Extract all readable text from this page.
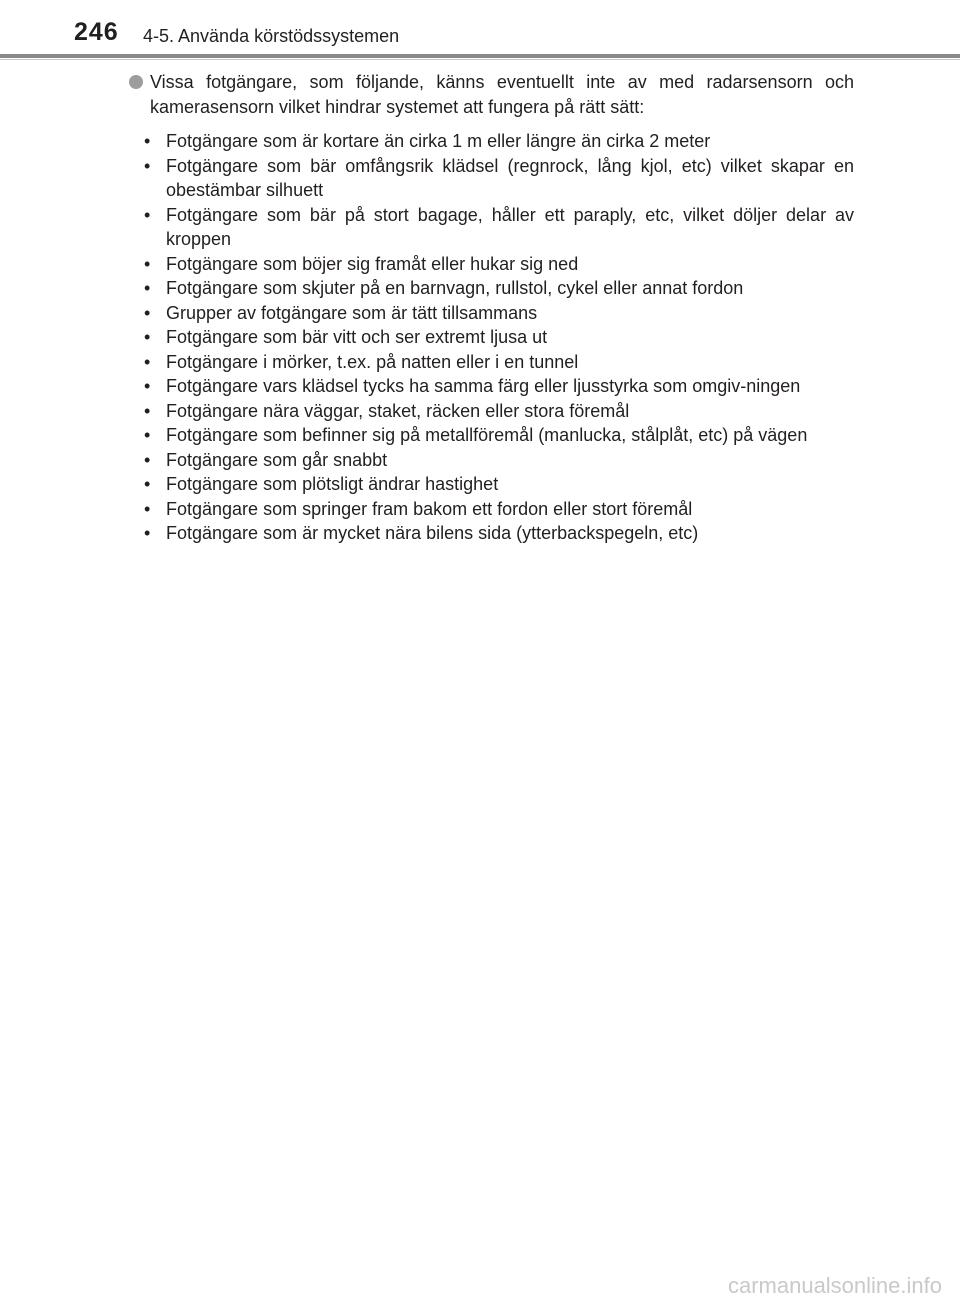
246 4-5. Använda körstödssystemen

Vissa fotgängare, som följande, känns eventuellt inte av med radarsensorn och kamerasensorn vilket hindrar systemet att fungera på rätt sätt:

• Fotgängare som är kortare än cirka 1 m eller längre än cirka 2 meter
• Fotgängare som bär omfångsrik klädsel (regnrock, lång kjol, etc) vilket skapar en obestämbar silhuett
• Fotgängare som bär på stort bagage, håller ett paraply, etc, vilket döljer delar av kroppen
• Fotgängare som böjer sig framåt eller hukar sig ned
• Fotgängare som skjuter på en barnvagn, rullstol, cykel eller annat fordon
• Grupper av fotgängare som är tätt tillsammans
• Fotgängare som bär vitt och ser extremt ljusa ut
• Fotgängare i mörker, t.ex. på natten eller i en tunnel
• Fotgängare vars klädsel tycks ha samma färg eller ljusstyrka som omgiv-ningen
• Fotgängare nära väggar, staket, räcken eller stora föremål
• Fotgängare som befinner sig på metallföremål (manlucka, stålplåt, etc) på vägen
• Fotgängare som går snabbt
• Fotgängare som plötsligt ändrar hastighet
• Fotgängare som springer fram bakom ett fordon eller stort föremål
• Fotgängare som är mycket nära bilens sida (ytterbackspegeln, etc)
carmanualsonline.info
